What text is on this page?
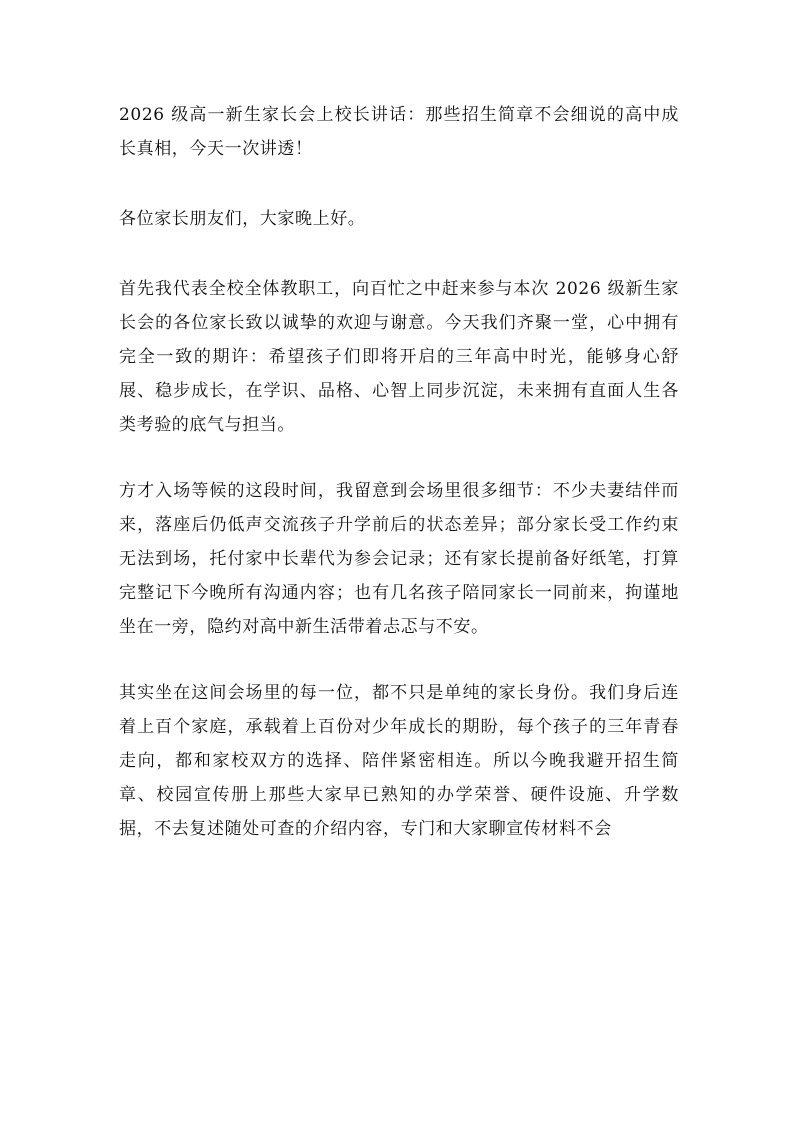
2026 级高一新生家长会上校长讲话：那些招生简章不会细说的高中成长真相，今天一次讲透！

各位家长朋友们，大家晚上好。

首先我代表全校全体教职工，向百忙之中赶来参与本次 2026 级新生家长会的各位家长致以诚挚的欢迎与谢意。今天我们齐聚一堂，心中拥有完全一致的期许：希望孩子们即将开启的三年高中时光，能够身心舒展、稳步成长，在学识、品格、心智上同步沉淀，未来拥有直面人生各类考验的底气与担当。

方才入场等候的这段时间，我留意到会场里很多细节：不少夫妻结伴而来，落座后仍低声交流孩子升学前后的状态差异；部分家长受工作约束无法到场，托付家中长辈代为参会记录；还有家长提前备好纸笔，打算完整记下今晚所有沟通内容；也有几名孩子陪同家长一同前来，拘谨地坐在一旁，隐约对高中新生活带着忐忑与不安。

其实坐在这间会场里的每一位，都不只是单纯的家长身份。我们身后连着上百个家庭，承载着上百份对少年成长的期盼，每个孩子的三年青春走向，都和家校双方的选择、陪伴紧密相连。所以今晚我避开招生简章、校园宣传册上那些大家早已熟知的办学荣誉、硬件设施、升学数据，不去复述随处可查的介绍内容，专门和大家聊宣传材料不会
